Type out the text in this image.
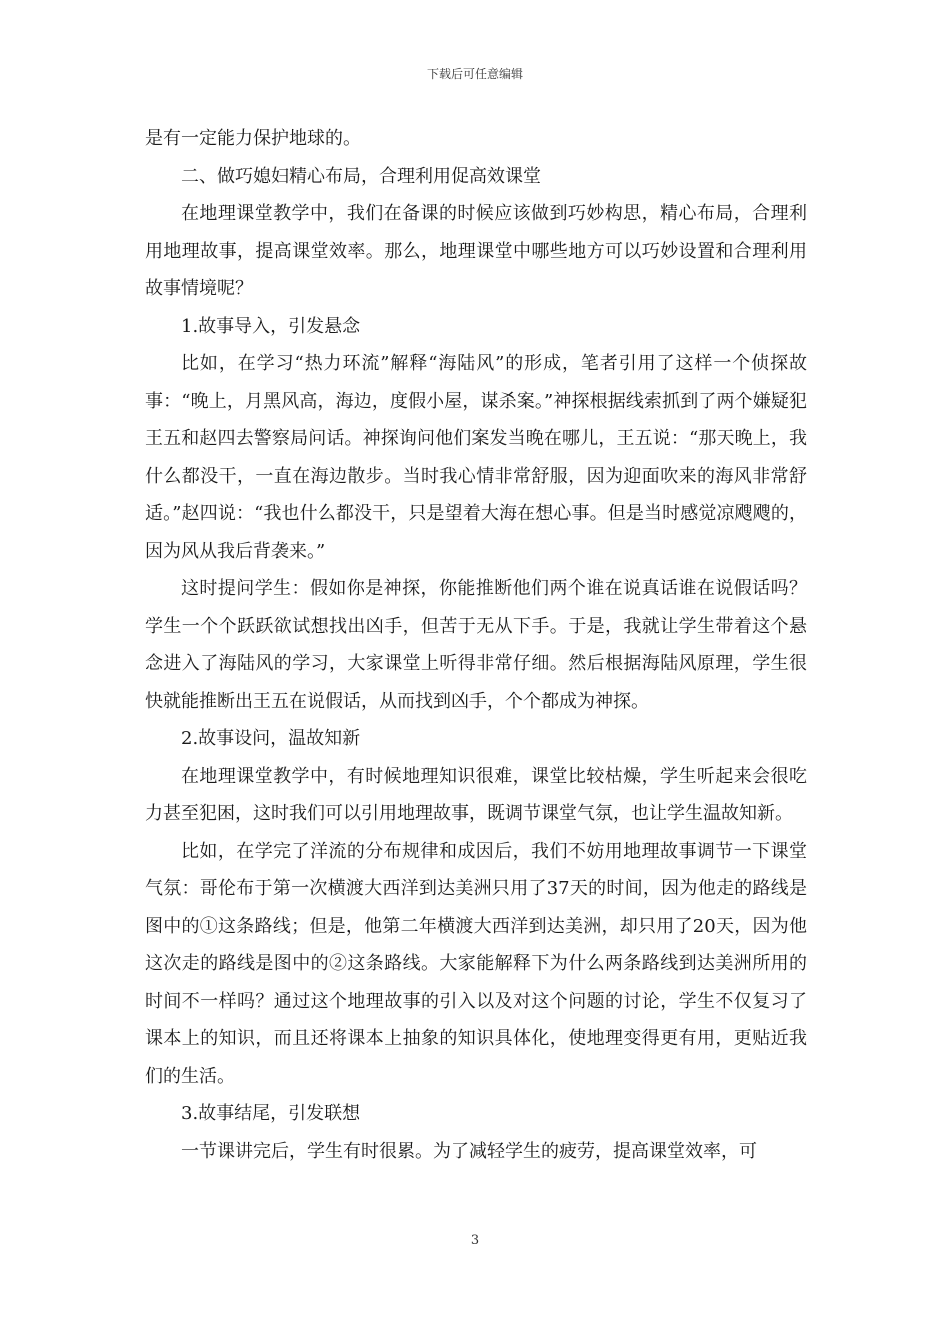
下载后可任意编辑

是有一定能力保护地球的。

二、做巧媳妇精心布局，合理利用促高效课堂

在地理课堂教学中，我们在备课的时候应该做到巧妙构思，精心布局，合理利用地理故事，提高课堂效率。那么，地理课堂中哪些地方可以巧妙设置和合理利用故事情境呢？

1.故事导入，引发悬念

比如，在学习“热力环流”解释“海陆风”的形成，笔者引用了这样一个侦探故事：“晚上，月黑风高，海边，度假小屋，谋杀案。”神探根据线索抓到了两个嫌疑犯王五和赵四去警察局问话。神探询问他们案发当晚在哪儿，王五说：“那天晚上，我什么都没干，一直在海边散步。当时我心情非常舒服，因为迎面吹来的海风非常舒适。”赵四说：“我也什么都没干，只是望着大海在想心事。但是当时感觉凉飕飕的，因为风从我后背袭来。”

这时提问学生：假如你是神探，你能推断他们两个谁在说真话谁在说假话吗？学生一个个跃跃欲试想找出凶手，但苦于无从下手。于是，我就让学生带着这个悬念进入了海陆风的学习，大家课堂上听得非常仔细。然后根据海陆风原理，学生很快就能推断出王五在说假话，从而找到凶手，个个都成为神探。

2.故事设问，温故知新

在地理课堂教学中，有时候地理知识很难，课堂比较枯燥，学生听起来会很吃力甚至犯困，这时我们可以引用地理故事，既调节课堂气氛，也让学生温故知新。

比如，在学完了洋流的分布规律和成因后，我们不妨用地理故事调节一下课堂气氛：哥伦布于第一次横渡大西洋到达美洲只用了37天的时间，因为他走的路线是图中的①这条路线；但是，他第二年横渡大西洋到达美洲，却只用了20天，因为他这次走的路线是图中的②这条路线。大家能解释下为什么两条路线到达美洲所用的时间不一样吗？通过这个地理故事的引入以及对这个问题的讨论，学生不仅复习了课本上的知识，而且还将课本上抽象的知识具体化，使地理变得更有用，更贴近我们的生活。

3.故事结尾，引发联想

一节课讲完后，学生有时很累。为了减轻学生的疲劳，提高课堂效率，可

3
